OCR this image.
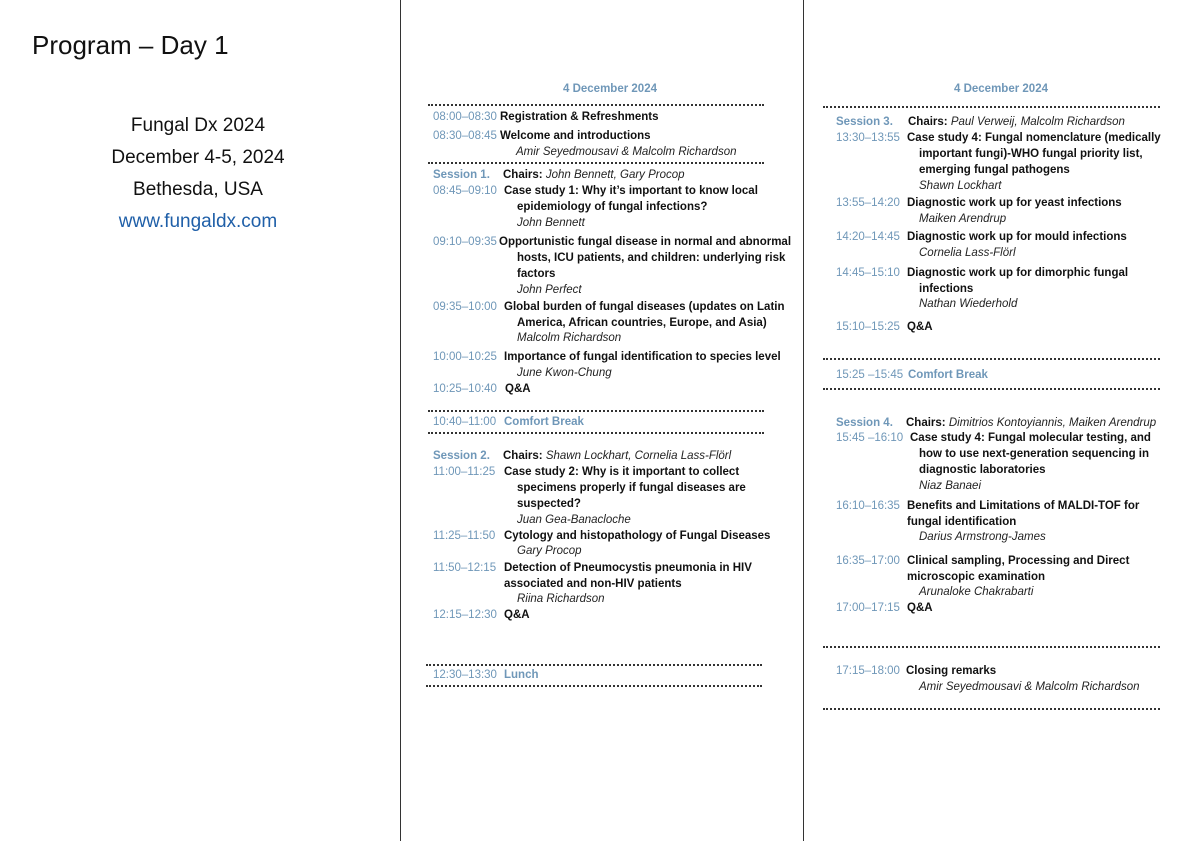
Program – Day 1
Fungal Dx 2024
December 4-5, 2024
Bethesda, USA
www.fungaldx.com
4 December 2024
08:00–08:30 Registration & Refreshments
08:30–08:45 Welcome and introductions
Amir Seyedmousavi & Malcolm Richardson
Session 1. Chairs: John Bennett, Gary Procop
08:45–09:10 Case study 1: Why it’s important to know local
epidemiology of fungal infections?
John Bennett
09:10–09:35 Opportunistic fungal disease in normal and abnormal
hosts, ICU patients, and children: underlying risk
factors
John Perfect
09:35–10:00 Global burden of fungal diseases (updates on Latin
America, African countries, Europe, and Asia)
Malcolm Richardson
10:00–10:25 Importance of fungal identification to species level
June Kwon-Chung
10:25–10:40 Q&A
10:40–11:00 Comfort Break
Session 2. Chairs: Shawn Lockhart, Cornelia Lass-Flörl
11:00–11:25 Case study 2: Why is it important to collect
specimens properly if fungal diseases are
suspected?
Juan Gea-Banacloche
11:25–11:50 Cytology and histopathology of Fungal Diseases
Gary Procop
11:50–12:15 Detection of Pneumocystis pneumonia in HIV
associated and non-HIV patients
Riina Richardson
12:15–12:30 Q&A
12:30–13:30 Lunch
4 December 2024
Session 3. Chairs: Paul Verweij, Malcolm Richardson
13:30–13:55 Case study 4: Fungal nomenclature (medically
important fungi)-WHO fungal priority list,
emerging fungal pathogens
Shawn Lockhart
13:55–14:20 Diagnostic work up for yeast infections
Maiken Arendrup
14:20–14:45 Diagnostic work up for mould infections
Cornelia Lass-Flörl
14:45–15:10 Diagnostic work up for dimorphic fungal
infections
Nathan Wiederhold
15:10–15:25 Q&A
15:25 –15:45 Comfort Break
Session 4. Chairs: Dimitrios Kontoyiannis, Maiken Arendrup
15:45 –16:10 Case study 4: Fungal molecular testing, and
how to use next-generation sequencing in
diagnostic laboratories
Niaz Banaei
16:10–16:35 Benefits and Limitations of MALDI-TOF for
fungal identification
Darius Armstrong-James
16:35–17:00 Clinical sampling, Processing and Direct
microscopic examination
Arunaloke Chakrabarti
17:00–17:15 Q&A
17:15–18:00 Closing remarks
Amir Seyedmousavi & Malcolm Richardson
